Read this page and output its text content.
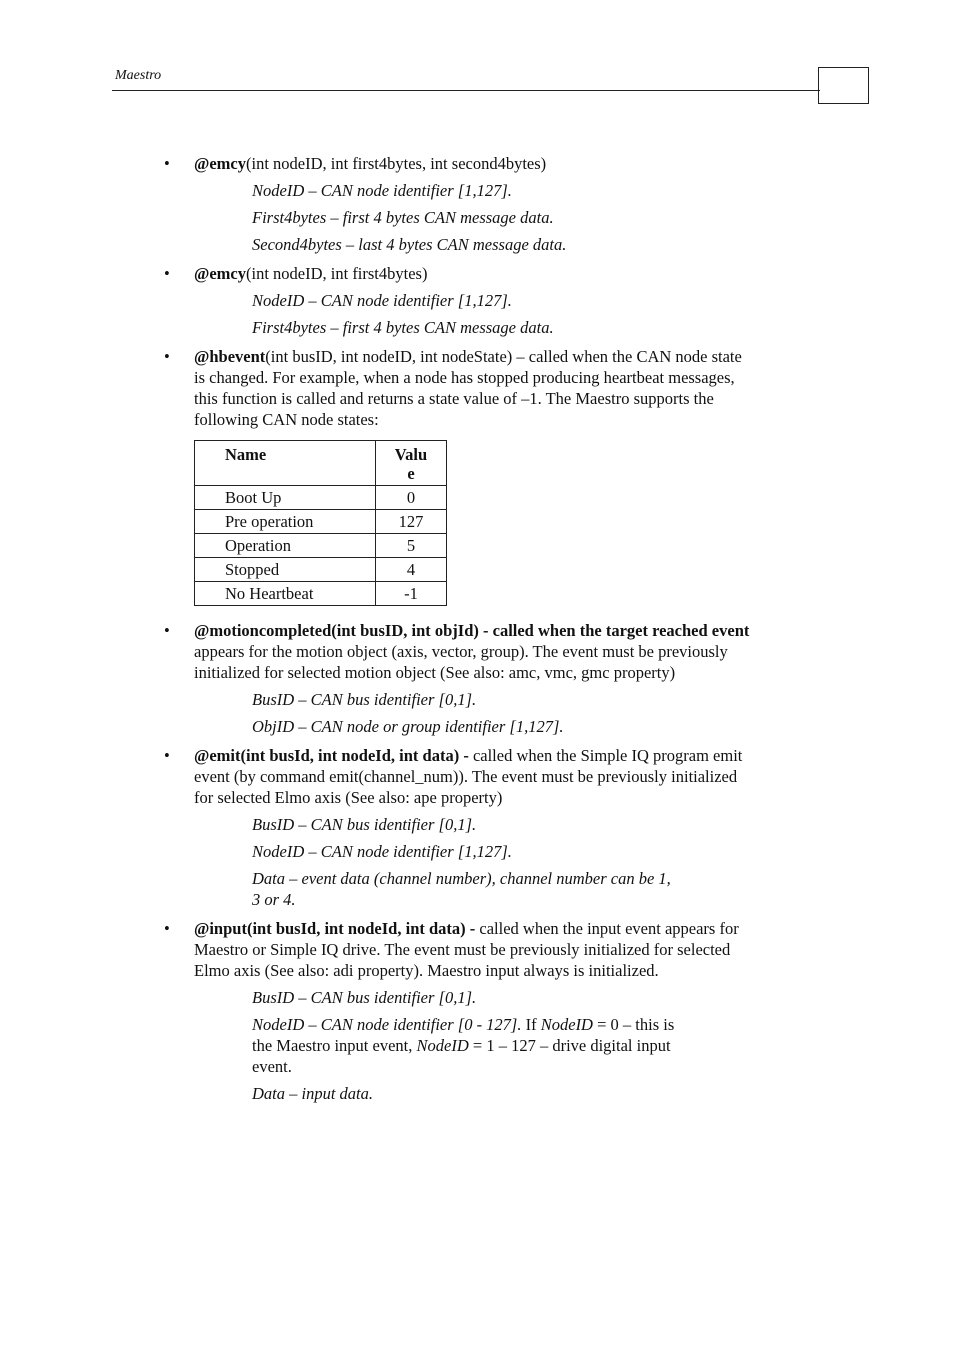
Maestro
• @emcy(int nodeID, int first4bytes, int second4bytes)
NodeID – CAN node identifier [1,127].
First4bytes – first 4 bytes CAN message data.
Second4bytes – last 4 bytes CAN message data.
• @emcy(int nodeID, int first4bytes)
NodeID – CAN node identifier [1,127].
First4bytes – first 4 bytes CAN message data.
• @hbevent(int busID, int nodeID, int nodeState) – called when the CAN node state is changed. For example, when a node has stopped producing heartbeat messages, this function is called and returns a state value of –1. The Maestro supports the following CAN node states:
Name	Valu
e
Boot Up	0
Pre operation	127
Operation	5
Stopped	4
No Heartbeat	-1
• @motioncompleted(int busID, int objId) - called when the target reached event appears for the motion object (axis, vector, group). The event must be previously initialized for selected motion object (See also: amc, vmc, gmc property)
BusID – CAN bus identifier [0,1].
ObjID – CAN node or group identifier [1,127].
• @emit(int busId, int nodeId, int data) - called when the Simple IQ program emit event (by command emit(channel_num)). The event must be previously initialized for selected Elmo axis (See also: ape property)
BusID – CAN bus identifier [0,1].
NodeID – CAN node identifier [1,127].
Data – event data (channel number), channel number can be 1, 3 or 4.
• @input(int busId, int nodeId, int data) - called when the input event appears for Maestro or Simple IQ drive. The event must be previously initialized for selected Elmo axis (See also: adi property). Maestro input always is initialized.
BusID – CAN bus identifier [0,1].
NodeID – CAN node identifier [0 - 127]. If NodeID = 0 – this is the Maestro input event, NodeID = 1 – 127 – drive digital input event.
Data – input data.
